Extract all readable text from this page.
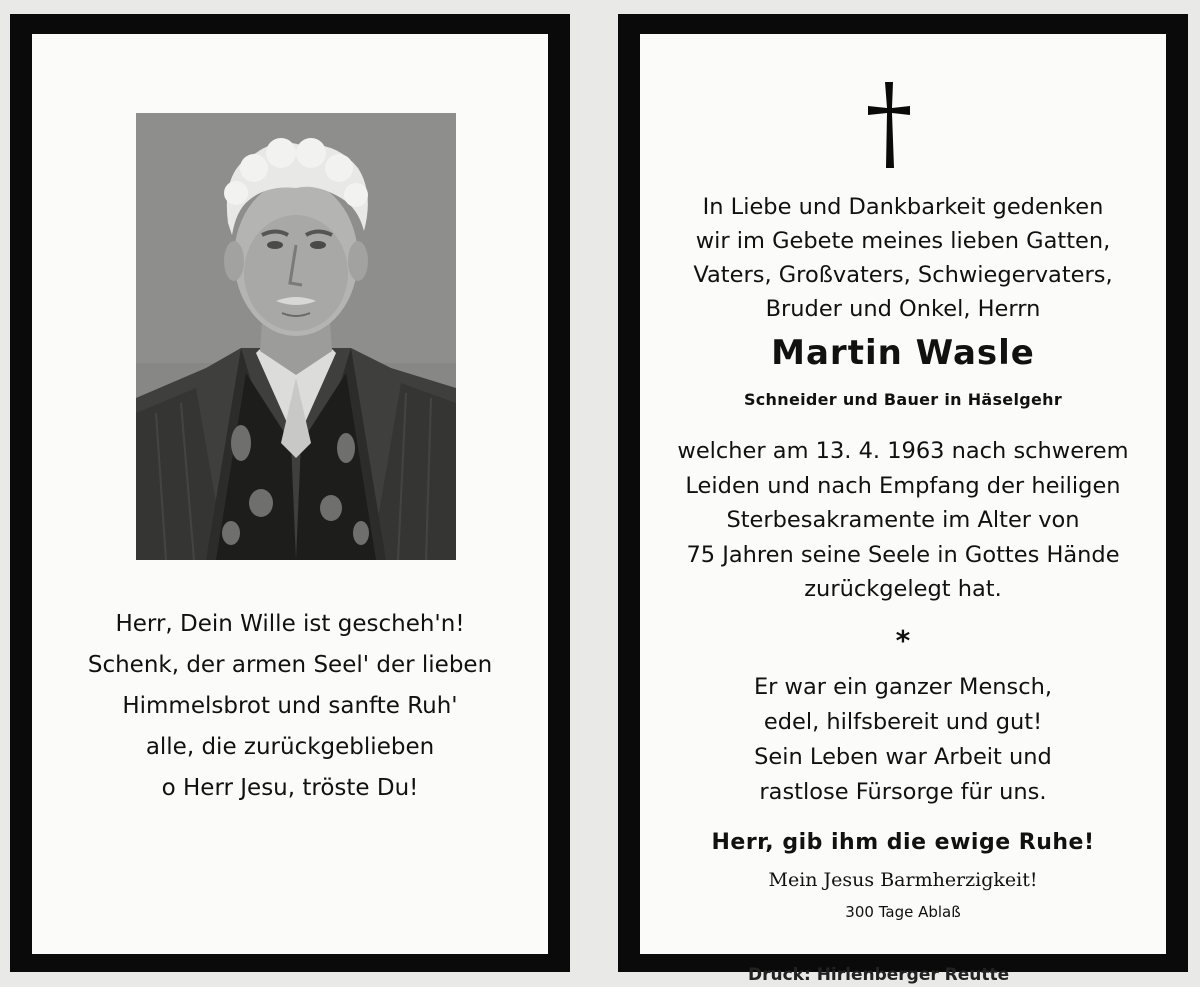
Herr, Dein Wille ist gescheh'n!
Schenk, der armen Seel' der lieben
Himmelsbrot und sanfte Ruh'
alle, die zurückgeblieben
o Herr Jesu, tröste Du!
In Liebe und Dankbarkeit gedenken
wir im Gebete meines lieben Gatten,
Vaters, Großvaters, Schwiegervaters,
Bruder und Onkel, Herrn
Martin Wasle
Schneider und Bauer in Häselgehr
welcher am 13. 4. 1963 nach schwerem
Leiden und nach Empfang der heiligen
Sterbesakramente im Alter von
75 Jahren seine Seele in Gottes Hände
zurückgelegt hat.
*
Er war ein ganzer Mensch,
edel, hilfsbereit und gut!
Sein Leben war Arbeit und
rastlose Fürsorge für uns.
Herr, gib ihm die ewige Ruhe!
Mein Jesus Barmherzigkeit!
300 Tage Ablaß
Druck: Hirlenberger Reutte
